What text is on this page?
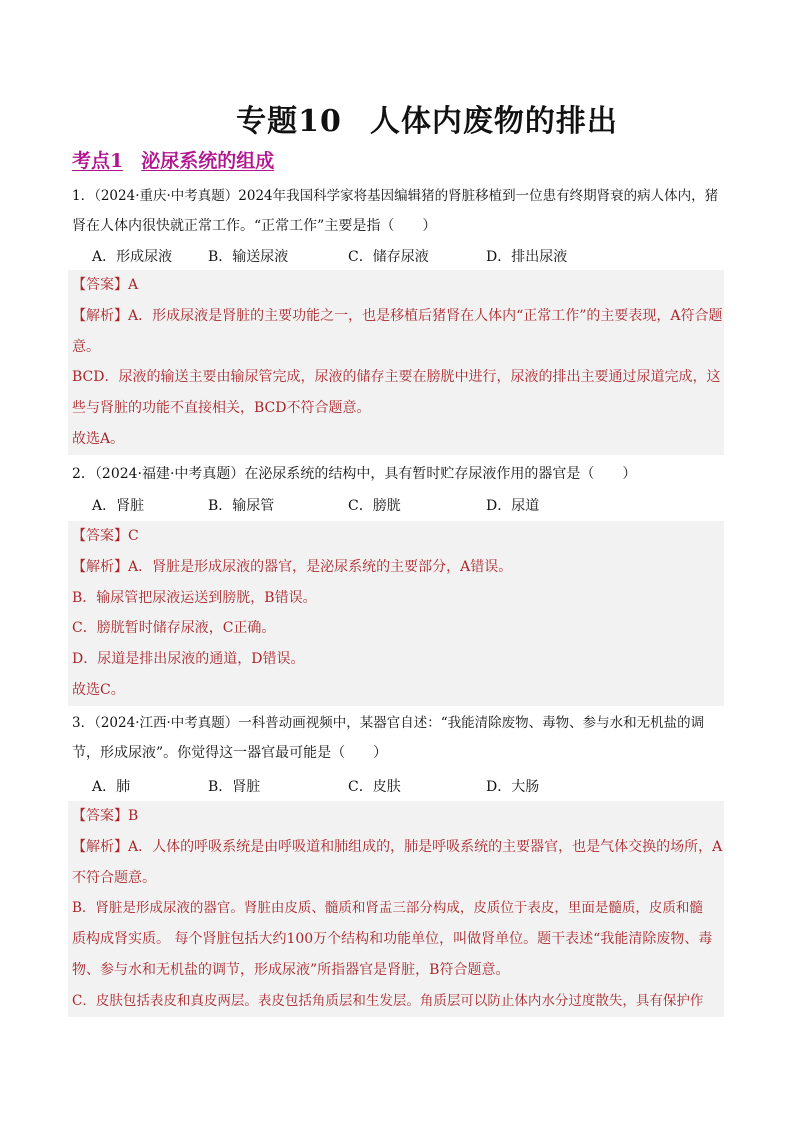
专题10 人体内废物的排出
考点1 泌尿系统的组成

1．（2024·重庆·中考真题）2024年我国科学家将基因编辑猪的肾脏移植到一位患有终期肾衰的病人体内，猪

肾在人体内很快就正常工作。“正常工作”主要是指（　　）

A．形成尿液	B．输送尿液	C．储存尿液	D．排出尿液

【答案】A

【解析】A．形成尿液是肾脏的主要功能之一，也是移植后猪肾在人体内“正常工作”的主要表现，A符合题

意。

BCD．尿液的输送主要由输尿管完成，尿液的储存主要在膀胱中进行，尿液的排出主要通过尿道完成，这

些与肾脏的功能不直接相关，BCD不符合题意。

故选A。

2．（2024·福建·中考真题）在泌尿系统的结构中，具有暂时贮存尿液作用的器官是（　　）

A．肾脏	B．输尿管	C．膀胱	D．尿道

【答案】C

【解析】A．肾脏是形成尿液的器官，是泌尿系统的主要部分，A错误。

B．输尿管把尿液运送到膀胱，B错误。

C．膀胱暂时储存尿液，C正确。

D．尿道是排出尿液的通道，D错误。

故选C。

3．（2024·江西·中考真题）一科普动画视频中，某器官自述：“我能清除废物、毒物、参与水和无机盐的调

节，形成尿液”。你觉得这一器官最可能是（　　）

A．肺	B．肾脏	C．皮肤	D．大肠

【答案】B

【解析】A．人体的呼吸系统是由呼吸道和肺组成的，肺是呼吸系统的主要器官，也是气体交换的场所，A

不符合题意。

B．肾脏是形成尿液的器官。肾脏由皮质、髓质和肾盂三部分构成，皮质位于表皮，里面是髓质，皮质和髓

质构成肾实质。 每个肾脏包括大约100万个结构和功能单位，叫做肾单位。题干表述“我能清除废物、毒

物、参与水和无机盐的调节，形成尿液”所指器官是肾脏，B符合题意。

C．皮肤包括表皮和真皮两层。表皮包括角质层和生发层。角质层可以防止体内水分过度散失，具有保护作
